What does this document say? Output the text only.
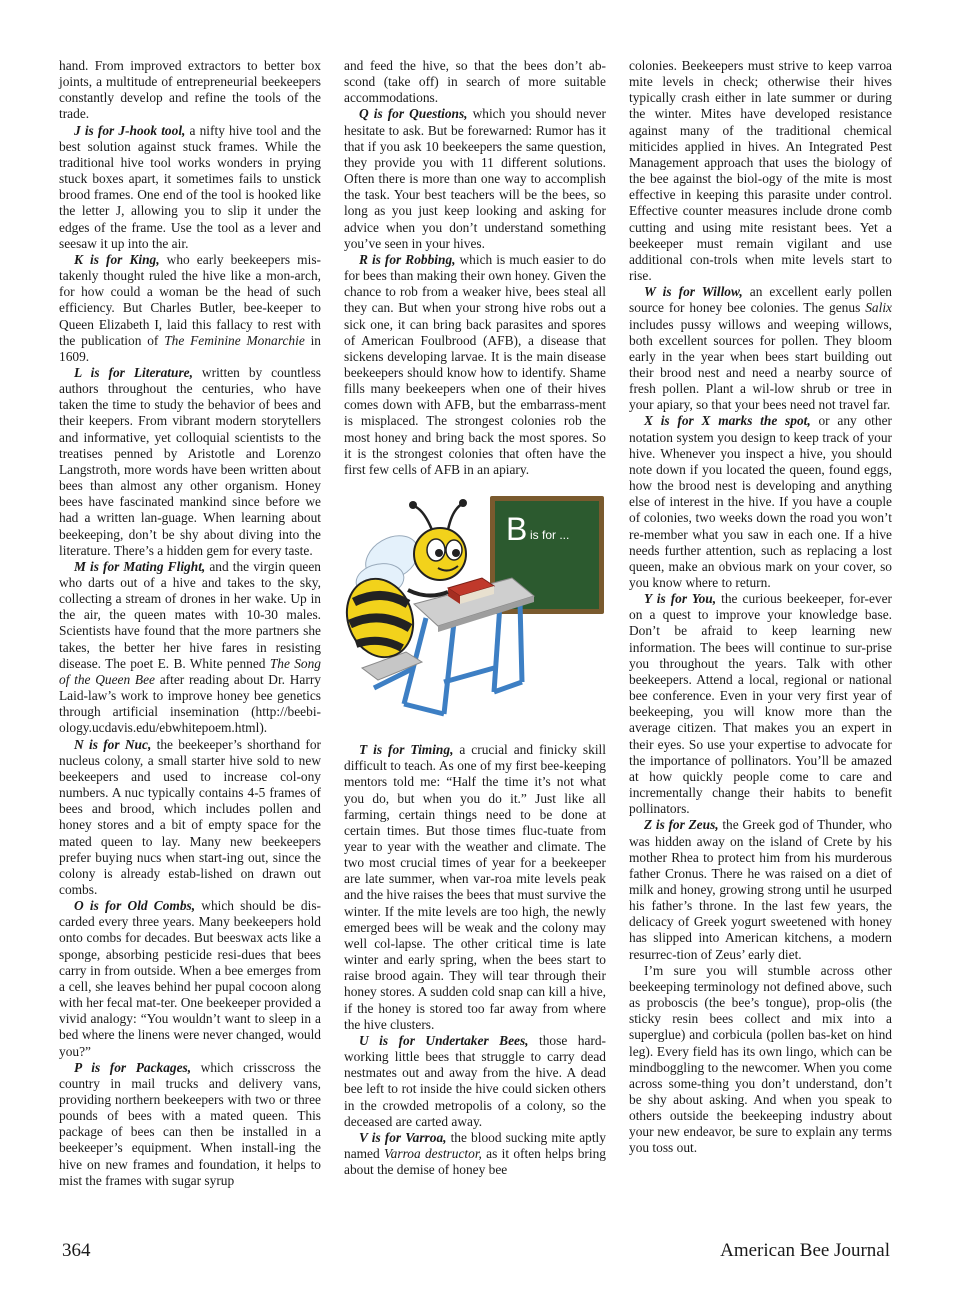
hand. From improved extractors to better box joints, a multitude of entrepreneurial beekeepers constantly develop and refine the tools of the trade.

J is for J-hook tool, a nifty hive tool and the best solution against stuck frames. While the traditional hive tool works wonders in prying stuck boxes apart, it sometimes fails to unstick brood frames. One end of the tool is hooked like the letter J, allowing you to slip it under the edges of the frame. Use the tool as a lever and seesaw it up into the air.

K is for King, who early beekeepers mis-takenly thought ruled the hive like a mon-arch, for how could a woman be the head of such efficiency. But Charles Butler, bee-keeper to Queen Elizabeth I, laid this fallacy to rest with the publication of The Feminine Monarchie in 1609.

L is for Literature, written by countless authors throughout the centuries, who have taken the time to study the behavior of bees and their keepers. From vibrant modern storytellers and informative, yet colloquial scientists to the treatises penned by Aristotle and Lorenzo Langstroth, more words have been written about bees than almost any other organism. Honey bees have fascinated mankind since before we had a written lan-guage. When learning about beekeeping, don’t be shy about diving into the literature. There’s a hidden gem for every taste.

M is for Mating Flight, and the virgin queen who darts out of a hive and takes to the sky, collecting a stream of drones in her wake. Up in the air, the queen mates with 10-30 males. Scientists have found that the more partners she takes, the better her hive fares in resisting disease. The poet E. B. White penned The Song of the Queen Bee after reading about Dr. Harry Laid-law’s work to improve honey bee genetics through artificial insemination (http://beebi-ology.ucdavis.edu/ebwhitepoem.html).

N is for Nuc, the beekeeper’s shorthand for nucleus colony, a small starter hive sold to new beekeepers and used to increase col-ony numbers. A nuc typically contains 4-5 frames of bees and brood, which includes pollen and honey stores and a bit of empty space for the mated queen to lay. Many new beekeepers prefer buying nucs when start-ing out, since the colony is already estab-lished on drawn out combs.

O is for Old Combs, which should be dis-carded every three years. Many beekeepers hold onto combs for decades. But beeswax acts like a sponge, absorbing pesticide resi-dues that bees carry in from outside. When a bee emerges from a cell, she leaves behind her pupal cocoon along with her fecal mat-ter. One beekeeper provided a vivid analogy: “You wouldn’t want to sleep in a bed where the linens were never changed, would you?”

P is for Packages, which crisscross the country in mail trucks and delivery vans, providing northern beekeepers with two or three pounds of bees with a mated queen. This package of bees can then be installed in a beekeeper’s equipment. When install-ing the hive on new frames and foundation, it helps to mist the frames with sugar syrup

and feed the hive, so that the bees don’t ab-scond (take off) in search of more suitable accommodations.

Q is for Questions, which you should never hesitate to ask. But be forewarned: Rumor has it that if you ask 10 beekeepers the same question, they provide you with 11 different solutions. Often there is more than one way to accomplish the task. Your best teachers will be the bees, so long as you just keep looking and asking for advice when you don’t understand something you’ve seen in your hives.

R is for Robbing, which is much easier to do for bees than making their own honey. Given the chance to rob from a weaker hive, bees steal all they can. But when your strong hive robs out a sick one, it can bring back parasites and spores of American Foulbrood (AFB), a disease that sickens developing larvae. It is the main disease beekeepers should know how to identify. Shame fills many beekeepers when one of their hives comes down with AFB, but the embarrass-ment is misplaced. The strongest colonies rob the most honey and bring back the most spores. So it is the strongest colonies that often have the first few cells of AFB in an apiary.

B is for ...

T is for Timing, a crucial and finicky skill difficult to teach. As one of my first bee-keeping mentors told me: “Half the time it’s not what you do, but when you do it.” Just like all farming, certain things need to be done at certain times. But those times fluc-tuate from year to year with the weather and climate. The two most crucial times of year for a beekeeper are late summer, when var-roa mite levels peak and the hive raises the bees that must survive the winter. If the mite levels are too high, the newly emerged bees will be weak and the colony may well col-lapse. The other critical time is late winter and early spring, when the bees start to raise brood again. They will tear through their honey stores. A sudden cold snap can kill a hive, if the honey is stored too far away from where the hive clusters.

U is for Undertaker Bees, those hard-working little bees that struggle to carry dead nestmates out and away from the hive. A dead bee left to rot inside the hive could sicken others in the crowded metropolis of a colony, so the deceased are carted away.

V is for Varroa, the blood sucking mite aptly named Varroa destructor, as it often helps bring about the demise of honey bee

colonies. Beekeepers must strive to keep varroa mite levels in check; otherwise their hives typically crash either in late summer or during the winter. Mites have developed resistance against many of the traditional chemical miticides applied in hives. An Integrated Pest Management approach that uses the biology of the bee against the biol-ogy of the mite is most effective in keeping this parasite under control. Effective counter measures include drone comb cutting and using mite resistant bees. Yet a beekeeper must remain vigilant and use additional con-trols when mite levels start to rise.

W is for Willow, an excellent early pollen source for honey bee colonies. The genus Salix includes pussy willows and weeping willows, both excellent sources for pollen. They bloom early in the year when bees start building out their brood nest and need a nearby source of fresh pollen. Plant a wil-low shrub or tree in your apiary, so that your bees need not travel far.

X is for X marks the spot, or any other notation system you design to keep track of your hive. Whenever you inspect a hive, you should note down if you located the queen, found eggs, how the brood nest is developing and anything else of interest in the hive. If you have a couple of colonies, two weeks down the road you won’t re-member what you saw in each one. If a hive needs further attention, such as replacing a lost queen, make an obvious mark on your cover, so you know where to return.

Y is for You, the curious beekeeper, for-ever on a quest to improve your knowledge base. Don’t be afraid to keep learning new information. The bees will continue to sur-prise you throughout the years. Talk with other beekeepers. Attend a local, regional or national bee conference. Even in your very first year of beekeeping, you will know more than the average citizen. That makes you an expert in their eyes. So use your expertise to advocate for the importance of pollinators. You’ll be amazed at how quickly people come to care and incrementally change their habits to benefit pollinators.

Z is for Zeus, the Greek god of Thunder, who was hidden away on the island of Crete by his mother Rhea to protect him from his murderous father Cronus. There he was raised on a diet of milk and honey, growing strong until he usurped his father’s throne. In the last few years, the delicacy of Greek yogurt sweetened with honey has slipped into American kitchens, a modern resurrec-tion of Zeus’ early diet.

I’m sure you will stumble across other beekeeping terminology not defined above, such as proboscis (the bee’s tongue), prop-olis (the sticky resin bees collect and mix into a superglue) and corbicula (pollen bas-ket on hind leg). Every field has its own lingo, which can be mindboggling to the newcomer. When you come across some-thing you don’t understand, don’t be shy about asking. And when you speak to others outside the beekeeping industry about your new endeavor, be sure to explain any terms you toss out.

364	American Bee Journal
